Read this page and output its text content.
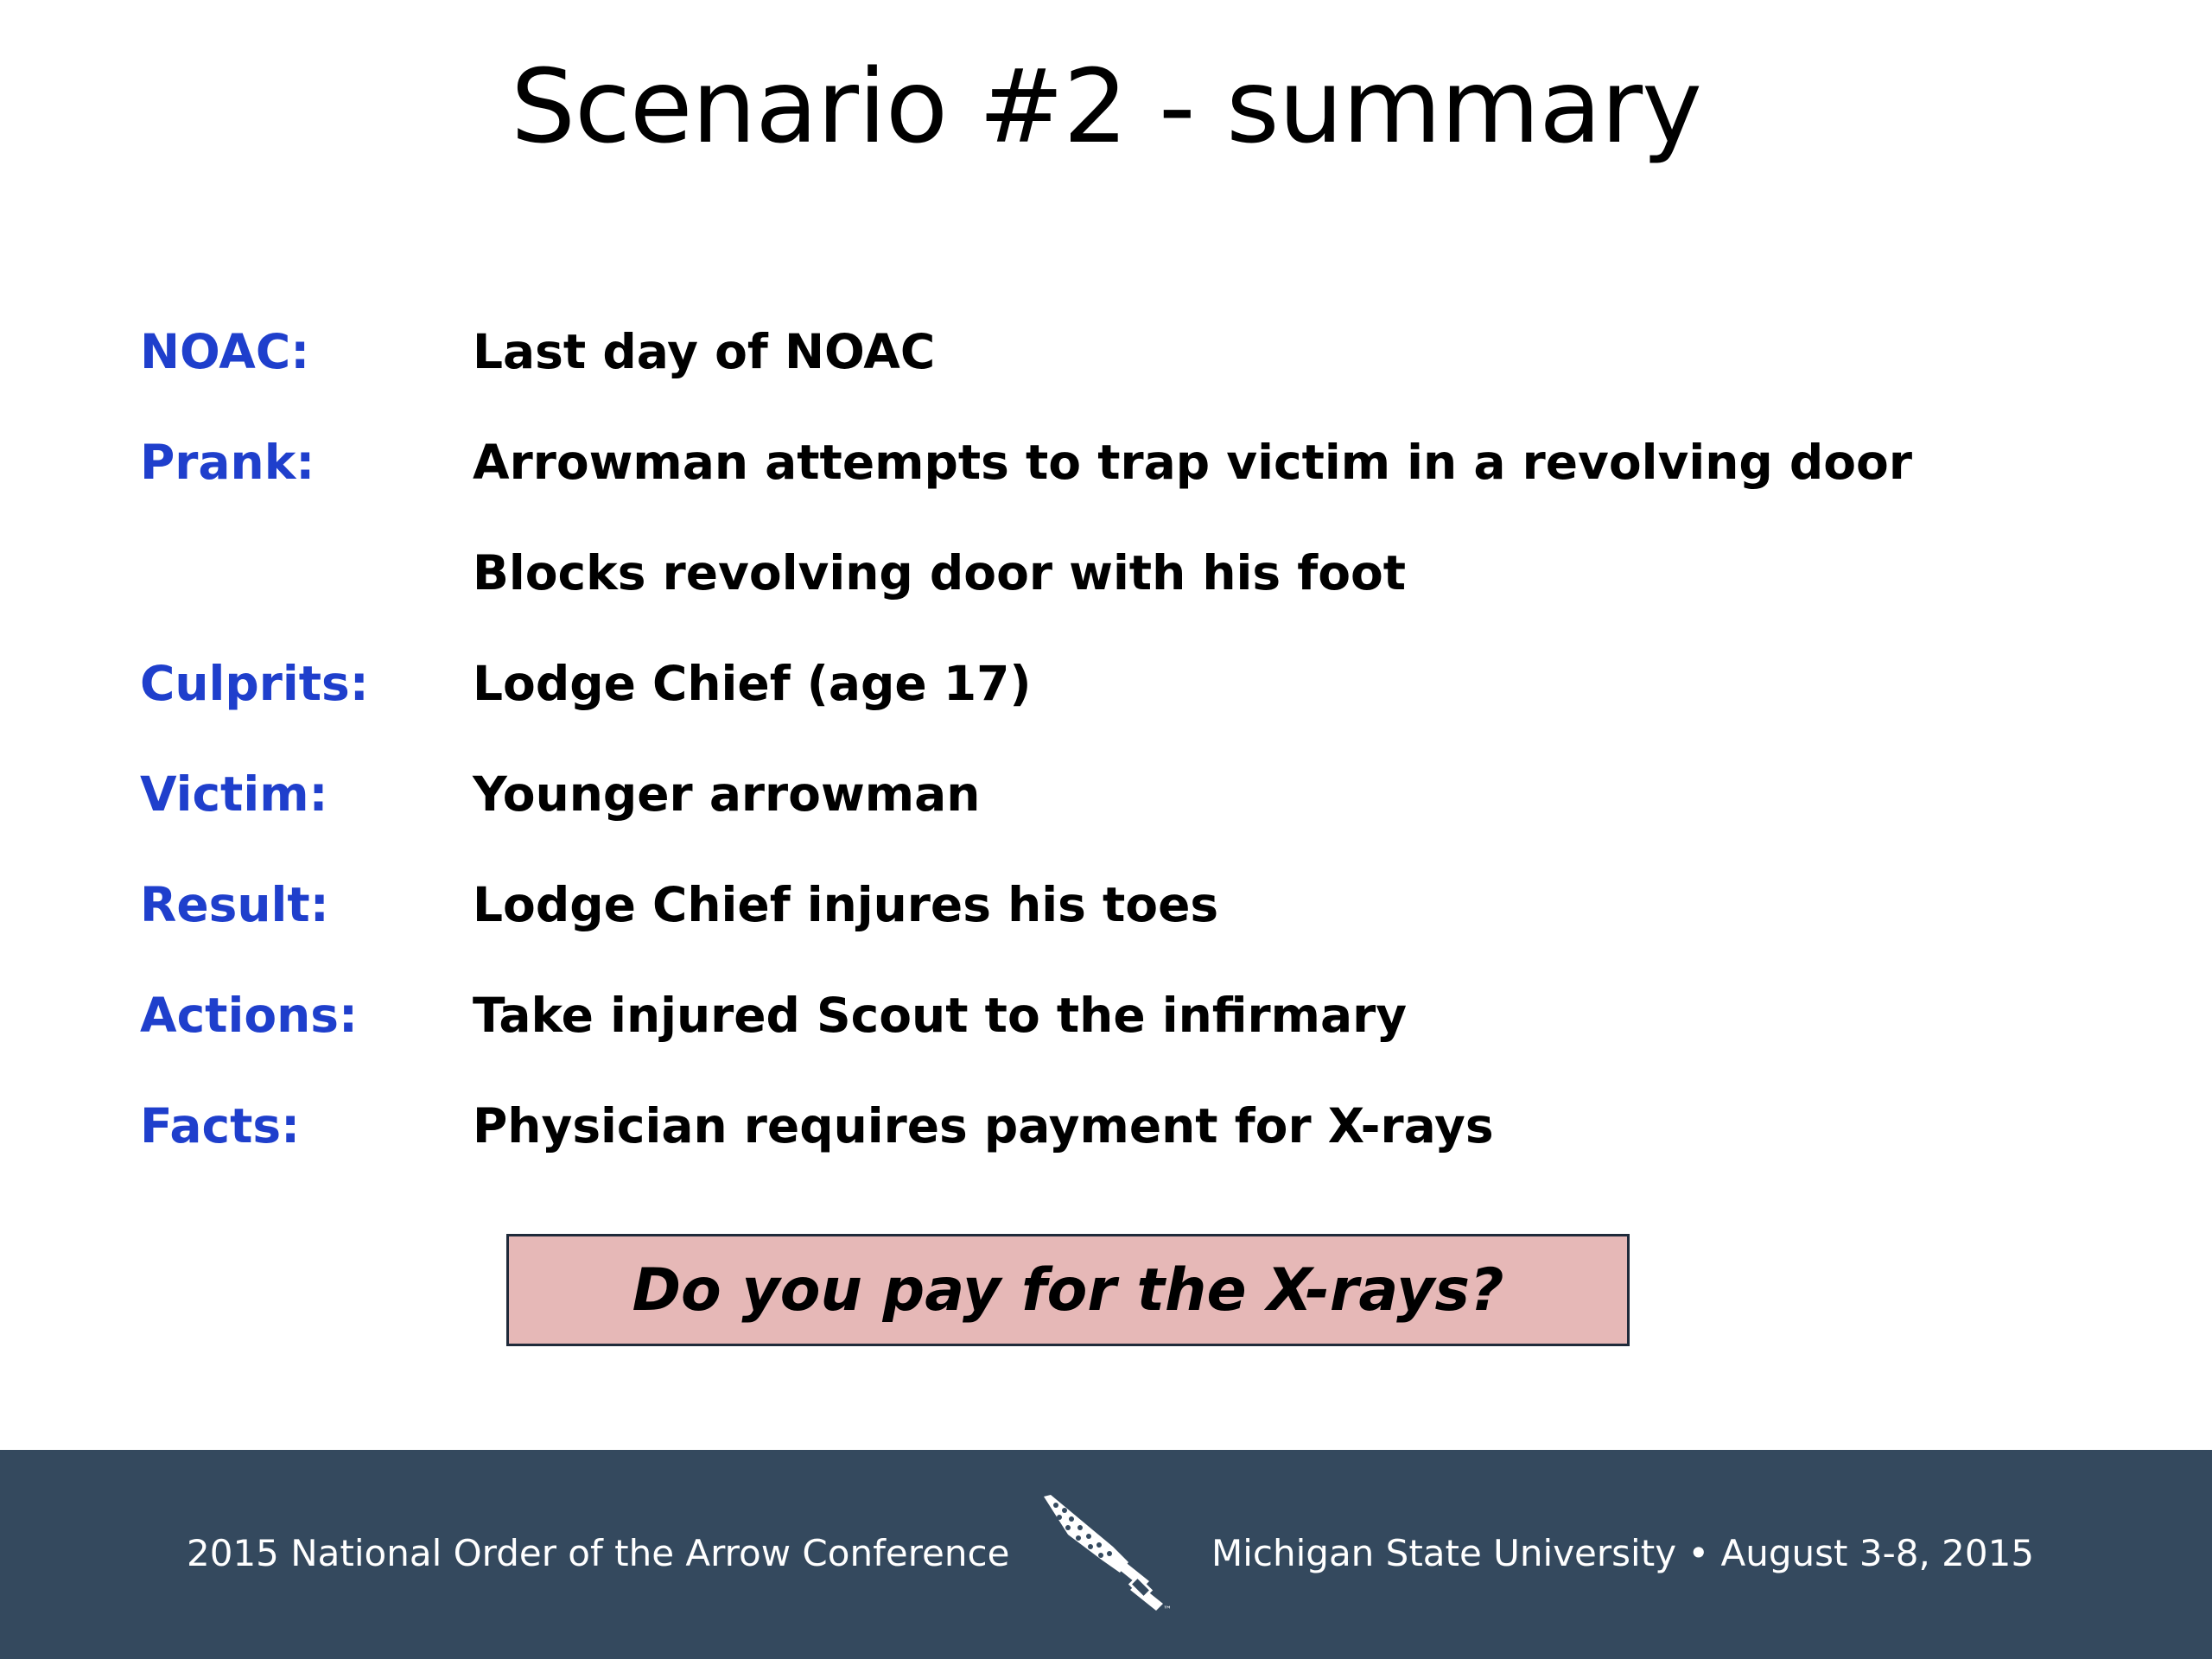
Scenario #2 - summary
NOAC:	Last day of NOAC
Prank:	Arrowman attempts to trap victim in a revolving door
Blocks revolving door with his foot
Culprits: Lodge Chief (age 17)
Victim:	Younger arrowman
Result:	Lodge Chief injures his toes
Actions: Take injured Scout to the infirmary
Facts:	Physician requires payment for X-rays
Do you pay for the X-rays?
2015 National Order of the Arrow Conference
™
Michigan State University • August 3-8, 2015
